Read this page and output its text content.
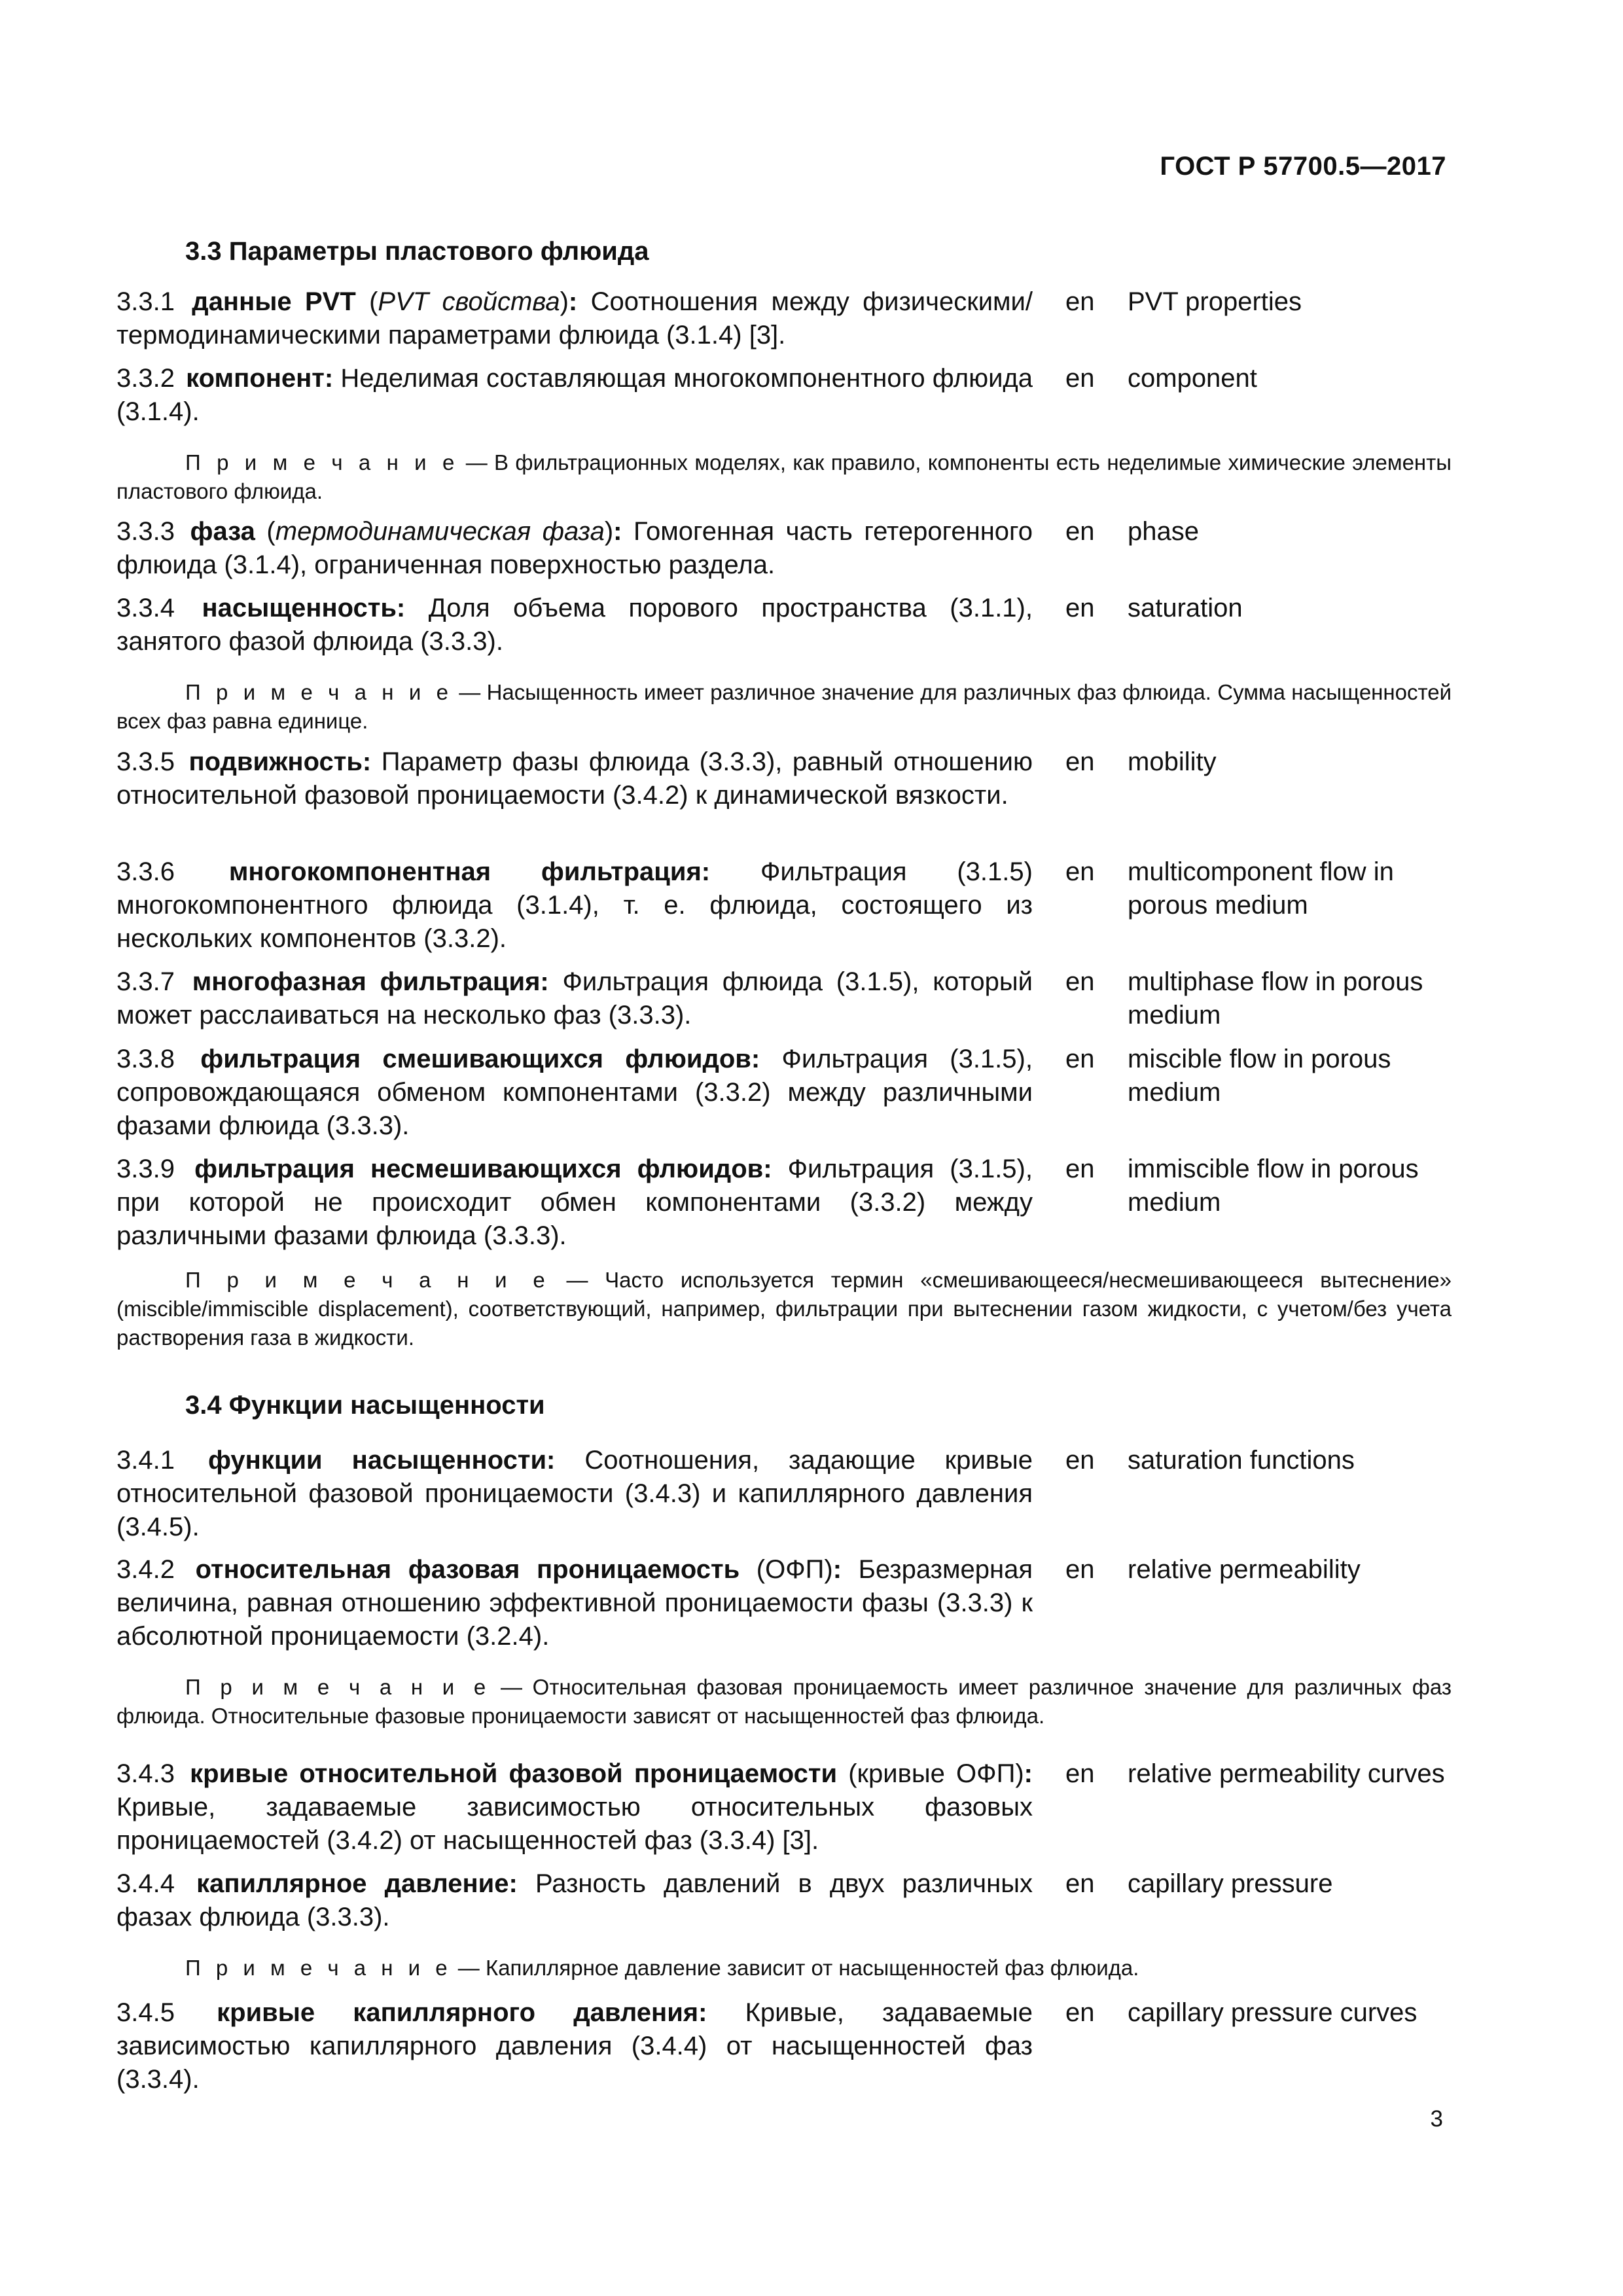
ГОСТ Р 57700.5—2017
3.3 Параметры пластового флюида
3.3.1 данные PVT (PVT свойства): Соотношения между физическими/термодинамическими параметрами флюида (3.1.4) [3].
en	PVT properties
3.3.2 компонент: Неделимая составляющая многокомпонентного флюида (3.1.4).
en	component
П р и м е ч а н и е — В фильтрационных моделях, как правило, компоненты есть неделимые химические элементы пластового флюида.
3.3.3 фаза (термодинамическая фаза): Гомогенная часть гетерогенного флюида (3.1.4), ограниченная поверхностью раздела.
en	phase
3.3.4 насыщенность: Доля объема порового пространства (3.1.1), занятого фазой флюида (3.3.3).
en	saturation
П р и м е ч а н и е — Насыщенность имеет различное значение для различных фаз флюида. Сумма насыщенностей всех фаз равна единице.
3.3.5 подвижность: Параметр фазы флюида (3.3.3), равный отношению относительной фазовой проницаемости (3.4.2) к динамической вязкости.
en	mobility
3.3.6 многокомпонентная фильтрация: Фильтрация (3.1.5) многокомпонентного флюида (3.1.4), т. е. флюида, состоящего из нескольких компонентов (3.3.2).
en	multicomponent flow in porous medium
3.3.7 многофазная фильтрация: Фильтрация флюида (3.1.5), который может расслаиваться на несколько фаз (3.3.3).
en	multiphase flow in porous medium
3.3.8 фильтрация смешивающихся флюидов: Фильтрация (3.1.5), сопровождающаяся обменом компонентами (3.3.2) между различными фазами флюида (3.3.3).
en	miscible flow in porous medium
3.3.9 фильтрация несмешивающихся флюидов: Фильтрация (3.1.5), при которой не происходит обмен компонентами (3.3.2) между различными фазами флюида (3.3.3).
en	immiscible flow in porous medium
П р и м е ч а н и е — Часто используется термин «смешивающееся/несмешивающееся вытеснение» (miscible/immiscible displacement), соответствующий, например, фильтрации при вытеснении газом жидкости, с учетом/без учета растворения газа в жидкости.
3.4 Функции насыщенности
3.4.1 функции насыщенности: Соотношения, задающие кривые относительной фазовой проницаемости (3.4.3) и капиллярного давления (3.4.5).
en	saturation functions
3.4.2 относительная фазовая проницаемость (ОФП): Безразмерная величина, равная отношению эффективной проницаемости фазы (3.3.3) к абсолютной проницаемости (3.2.4).
en	relative permeability
П р и м е ч а н и е — Относительная фазовая проницаемость имеет различное значение для различных фаз флюида. Относительные фазовые проницаемости зависят от насыщенностей фаз флюида.
3.4.3 кривые относительной фазовой проницаемости (кривые ОФП): Кривые, задаваемые зависимостью относительных фазовых проницаемостей (3.4.2) от насыщенностей фаз (3.3.4) [3].
en	relative permeability curves
3.4.4 капиллярное давление: Разность давлений в двух различных фазах флюида (3.3.3).
en	capillary pressure
П р и м е ч а н и е — Капиллярное давление зависит от насыщенностей фаз флюида.
3.4.5 кривые капиллярного давления: Кривые, задаваемые зависимостью капиллярного давления (3.4.4) от насыщенностей фаз (3.3.4).
en	capillary pressure curves
3
